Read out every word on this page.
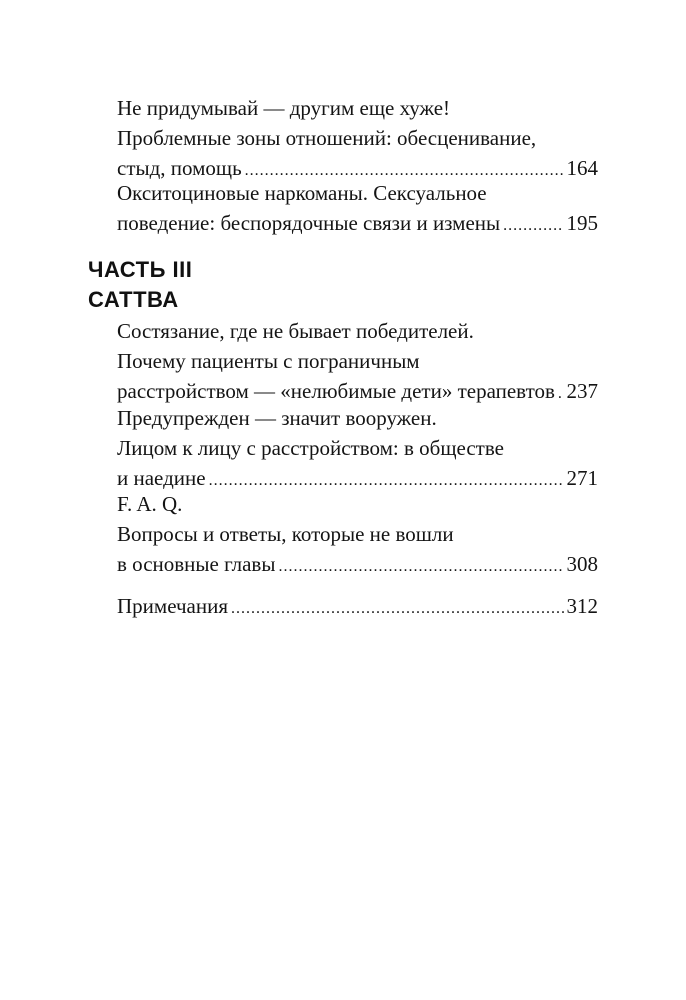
Не придумывай — другим еще хуже!
Проблемные зоны отношений: обесценивание,
стыд, помощь .....	164
Окситоциновые наркоманы. Сексуальное
поведение: беспорядочные связи и измены .....	195
ЧАСТЬ III
САТТВА
Состязание, где не бывает победителей.
Почему пациенты с пограничным
расстройством — «нелюбимые дети» терапевтов ..... 237
Предупрежден — значит вооружен.
Лицом к лицу с расстройством: в обществе
и наедине .....	271
F. A. Q.
Вопросы и ответы, которые не вошли
в основные главы .....	308
Примечания .....	312
